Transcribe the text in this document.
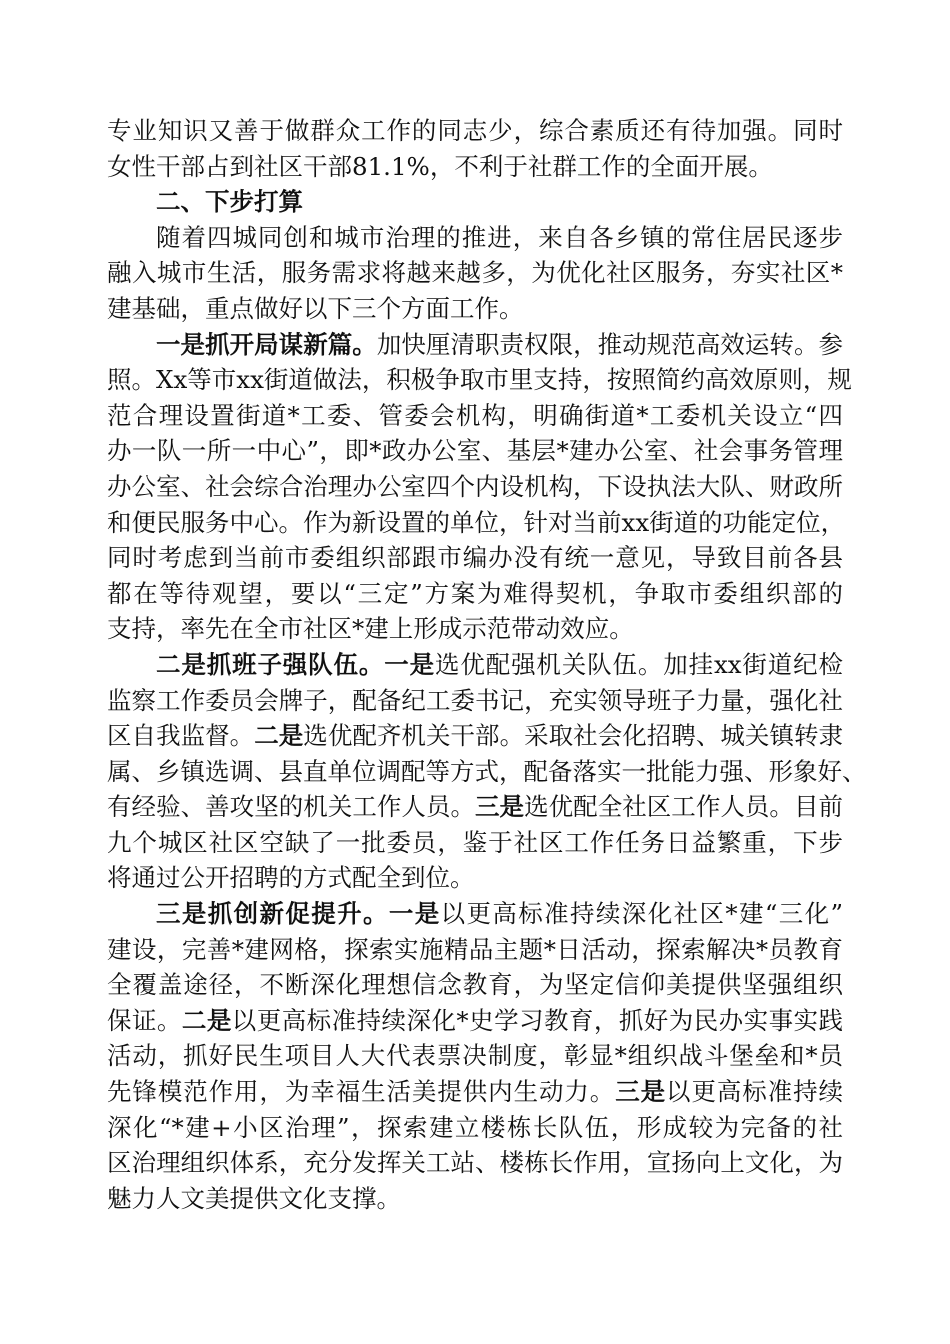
专业知识又善于做群众工作的同志少，综合素质还有待加强。同时
女性干部占到社区干部81.1%，不利于社群工作的全面开展。
二、下步打算
随着四城同创和城市治理的推进，来自各乡镇的常住居民逐步
融入城市生活，服务需求将越来越多，为优化社区服务，夯实社区*
建基础，重点做好以下三个方面工作。
一是抓开局谋新篇。加快厘清职责权限，推动规范高效运转。参
照。Xx等市xx街道做法，积极争取市里支持，按照简约高效原则，规
范合理设置街道*工委、管委会机构，明确街道*工委机关设立“四
办一队一所一中心”，即*政办公室、基层*建办公室、社会事务管理
办公室、社会综合治理办公室四个内设机构，下设执法大队、财政所
和便民服务中心。作为新设置的单位，针对当前xx街道的功能定位，
同时考虑到当前市委组织部跟市编办没有统一意见，导致目前各县
都在等待观望，要以“三定”方案为难得契机，争取市委组织部的
支持，率先在全市社区*建上形成示范带动效应。
二是抓班子强队伍。一是选优配强机关队伍。加挂xx街道纪检
监察工作委员会牌子，配备纪工委书记，充实领导班子力量，强化社
区自我监督。二是选优配齐机关干部。采取社会化招聘、城关镇转隶
属、乡镇选调、县直单位调配等方式，配备落实一批能力强、形象好、
有经验、善攻坚的机关工作人员。三是选优配全社区工作人员。目前
九个城区社区空缺了一批委员，鉴于社区工作任务日益繁重，下步
将通过公开招聘的方式配全到位。
三是抓创新促提升。一是以更高标准持续深化社区*建“三化”
建设，完善*建网格，探索实施精品主题*日活动，探索解决*员教育
全覆盖途径，不断深化理想信念教育，为坚定信仰美提供坚强组织
保证。二是以更高标准持续深化*史学习教育，抓好为民办实事实践
活动，抓好民生项目人大代表票决制度，彰显*组织战斗堡垒和*员
先锋模范作用，为幸福生活美提供内生动力。三是以更高标准持续
深化“*建+小区治理”，探索建立楼栋长队伍，形成较为完备的社
区治理组织体系，充分发挥关工站、楼栋长作用，宣扬向上文化，为
魅力人文美提供文化支撑。
